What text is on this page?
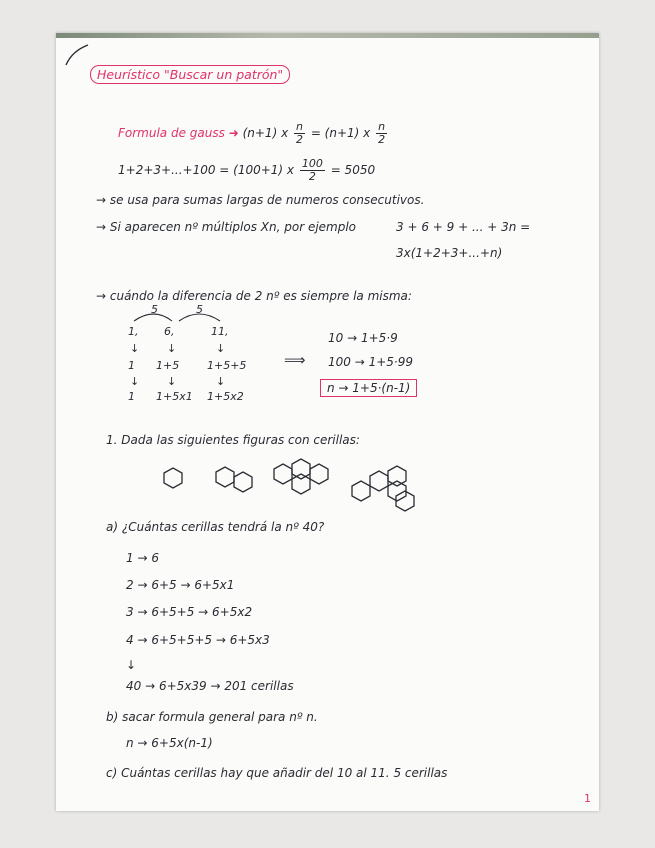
Heurístico "Buscar un patrón"
Formula de gauss ➜ (n+1) x $\frac{n}{2} = (n+1)$ x $\frac{n}{2}$
1+2+3+...+100 = (100+1) x $\frac{100}{2} = 5050$
→ se usa para sumas largas de numeros consecutivos.
→ Si aparecen nº múltiplos Xn, por ejemplo	3 + 6 + 9 + ... + 3n =
3x(1+2+3+...+n)
→ cuándo la diferencia de 2 nº es siempre la misma:
5	5
1, 6,	11,
↓	↓	↓
1 1+5	1+5+5
↓	↓	↓
1 1+5x1 1+5x2
⟹
10 → 1+5·9
100 → 1+5·99
n → 1+5·(n-1)
1. Dada las siguientes figuras con cerillas:
a) ¿Cuántas cerillas tendrá la nº 40?
1 → 6
2 → 6+5 → 6+5x1
3 → 6+5+5 → 6+5x2
4 → 6+5+5+5 → 6+5x3
↓
40 → 6+5x39 → 201 cerillas
b) sacar formula general para nº n.
n → 6+5x(n-1)
c) Cuántas cerillas hay que añadir del 10 al 11. 5 cerillas
1
